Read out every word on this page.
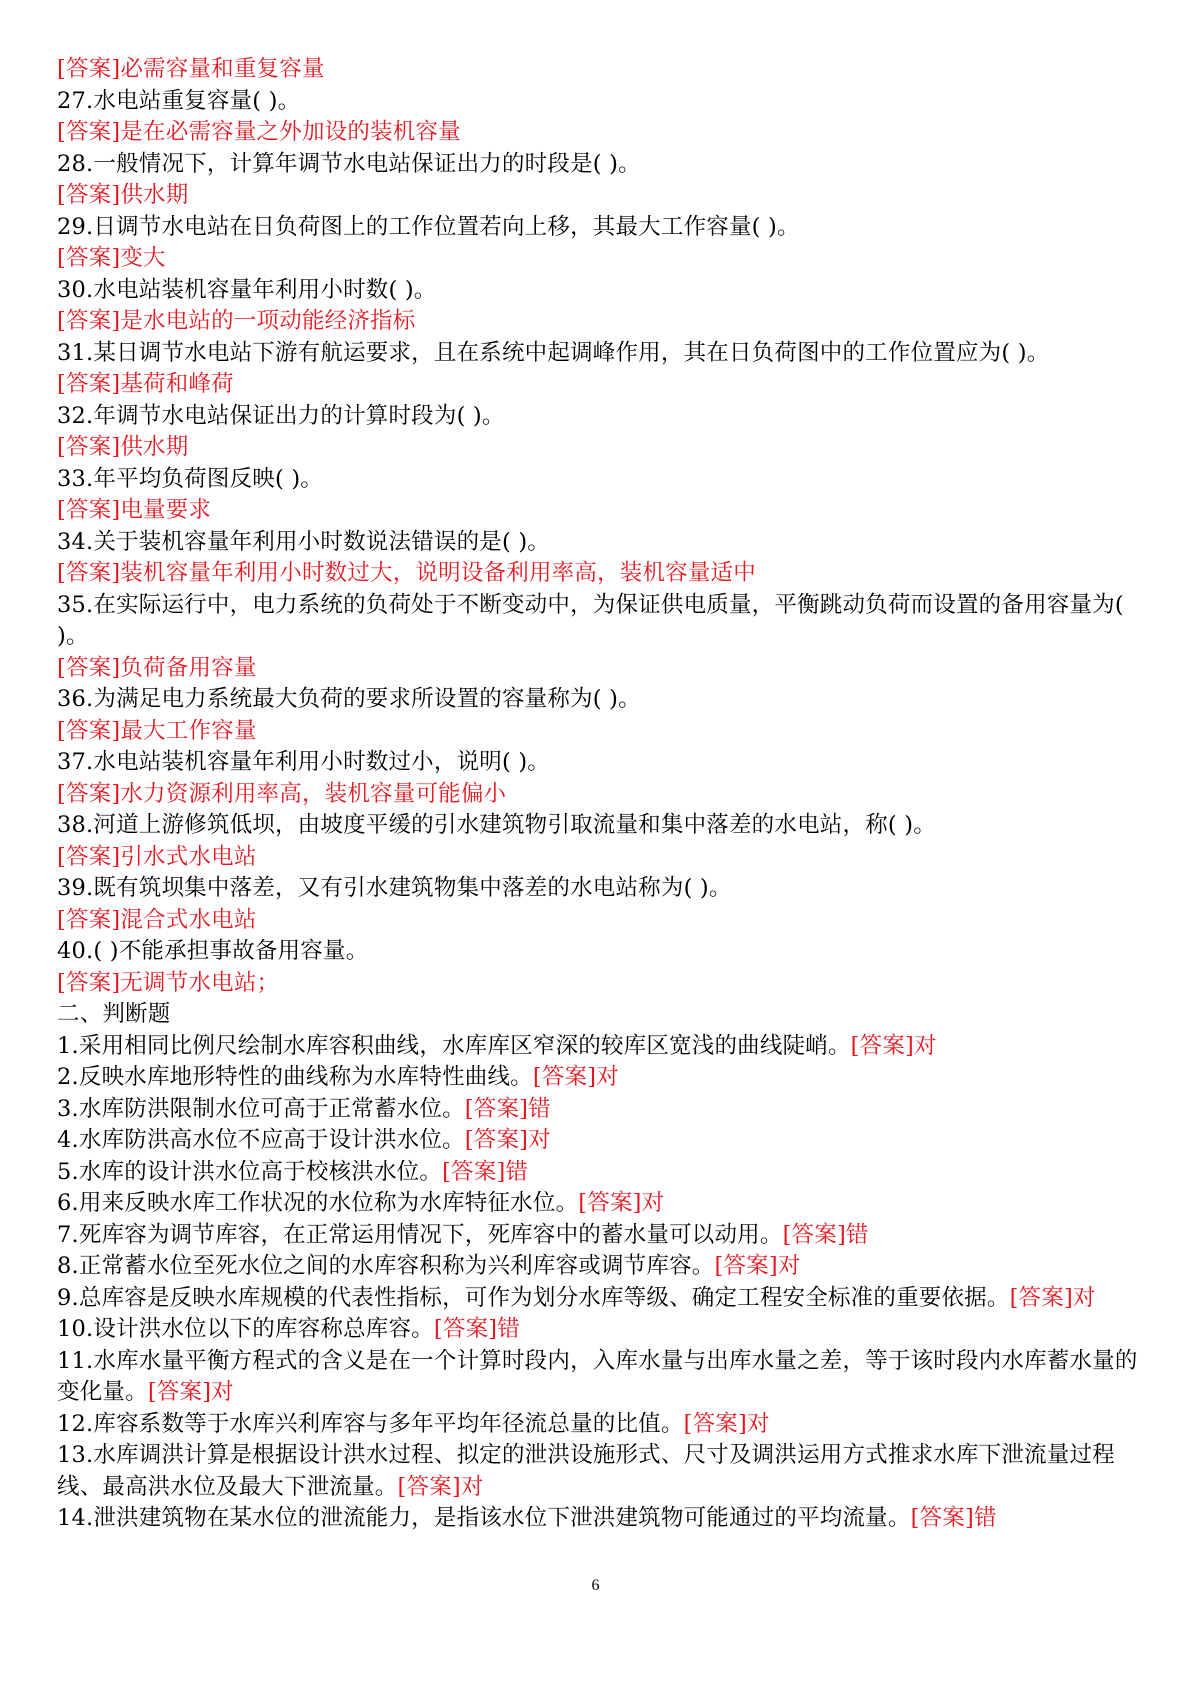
[答案]必需容量和重复容量
27.水电站重复容量( )。
[答案]是在必需容量之外加设的装机容量
28.一般情况下，计算年调节水电站保证出力的时段是( )。
[答案]供水期
29.日调节水电站在日负荷图上的工作位置若向上移，其最大工作容量( )。
[答案]变大
30.水电站装机容量年利用小时数( )。
[答案]是水电站的一项动能经济指标
31.某日调节水电站下游有航运要求，且在系统中起调峰作用，其在日负荷图中的工作位置应为( )。
[答案]基荷和峰荷
32.年调节水电站保证出力的计算时段为( )。
[答案]供水期
33.年平均负荷图反映( )。
[答案]电量要求
34.关于装机容量年利用小时数说法错误的是( )。
[答案]装机容量年利用小时数过大，说明设备利用率高，装机容量适中
35.在实际运行中，电力系统的负荷处于不断变动中，为保证供电质量，平衡跳动负荷而设置的备用容量为( )。
[答案]负荷备用容量
36.为满足电力系统最大负荷的要求所设置的容量称为( )。
[答案]最大工作容量
37.水电站装机容量年利用小时数过小，说明( )。
[答案]水力资源利用率高，装机容量可能偏小
38.河道上游修筑低坝，由坡度平缓的引水建筑物引取流量和集中落差的水电站，称( )。
[答案]引水式水电站
39.既有筑坝集中落差，又有引水建筑物集中落差的水电站称为( )。
[答案]混合式水电站
40.( )不能承担事故备用容量。
[答案]无调节水电站；
二、判断题
1.采用相同比例尺绘制水库容积曲线，水库库区窄深的较库区宽浅的曲线陡峭。[答案]对
2.反映水库地形特性的曲线称为水库特性曲线。[答案]对
3.水库防洪限制水位可高于正常蓄水位。[答案]错
4.水库防洪高水位不应高于设计洪水位。[答案]对
5.水库的设计洪水位高于校核洪水位。[答案]错
6.用来反映水库工作状况的水位称为水库特征水位。[答案]对
7.死库容为调节库容，在正常运用情况下，死库容中的蓄水量可以动用。[答案]错
8.正常蓄水位至死水位之间的水库容积称为兴利库容或调节库容。[答案]对
9.总库容是反映水库规模的代表性指标，可作为划分水库等级、确定工程安全标准的重要依据。[答案]对
10.设计洪水位以下的库容称总库容。[答案]错
11.水库水量平衡方程式的含义是在一个计算时段内，入库水量与出库水量之差，等于该时段内水库蓄水量的变化量。[答案]对
12.库容系数等于水库兴利库容与多年平均年径流总量的比值。[答案]对
13.水库调洪计算是根据设计洪水过程、拟定的泄洪设施形式、尺寸及调洪运用方式推求水库下泄流量过程线、最高洪水位及最大下泄流量。[答案]对
14.泄洪建筑物在某水位的泄流能力，是指该水位下泄洪建筑物可能通过的平均流量。[答案]错
6
